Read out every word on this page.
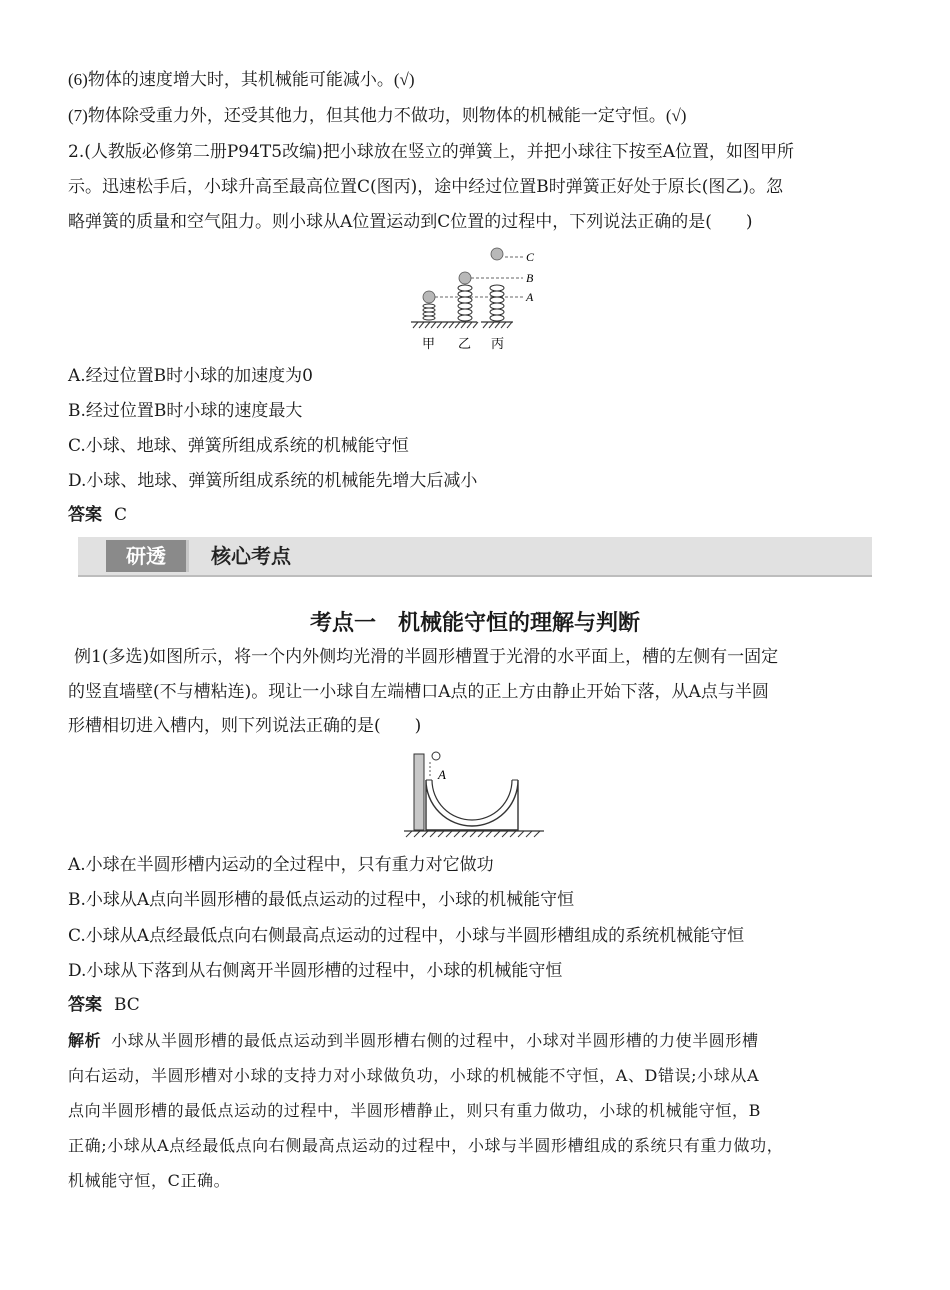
(6)物体的速度增大时，其机械能可能减小。(√)
(7)物体除受重力外，还受其他力，但其他力不做功，则物体的机械能一定守恒。(√)
2.(人教版必修第二册P94T5改编)把小球放在竖立的弹簧上，并把小球往下按至A位置，如图甲所
示。迅速松手后，小球升高至最高位置C(图丙)，途中经过位置B时弹簧正好处于原长(图乙)。忽
略弹簧的质量和空气阻力。则小球从A位置运动到C位置的过程中，下列说法正确的是(　　)
C
B
A
甲 乙 丙
A.经过位置B时小球的加速度为0
B.经过位置B时小球的速度最大
C.小球、地球、弹簧所组成系统的机械能守恒
D.小球、地球、弹簧所组成系统的机械能先增大后减小
答案 C
研透	核心考点
考点一　机械能守恒的理解与判断
例1(多选)如图所示，将一个内外侧均光滑的半圆形槽置于光滑的水平面上，槽的左侧有一固定
的竖直墙壁(不与槽粘连)。现让一小球自左端槽口A点的正上方由静止开始下落，从A点与半圆
形槽相切进入槽内，则下列说法正确的是(　　)
A
A.小球在半圆形槽内运动的全过程中，只有重力对它做功
B.小球从A点向半圆形槽的最低点运动的过程中，小球的机械能守恒
C.小球从A点经最低点向右侧最高点运动的过程中，小球与半圆形槽组成的系统机械能守恒
D.小球从下落到从右侧离开半圆形槽的过程中，小球的机械能守恒
答案 BC
解析 小球从半圆形槽的最低点运动到半圆形槽右侧的过程中，小球对半圆形槽的力使半圆形槽
向右运动，半圆形槽对小球的支持力对小球做负功，小球的机械能不守恒，A、D错误;小球从A
点向半圆形槽的最低点运动的过程中，半圆形槽静止，则只有重力做功，小球的机械能守恒，B
正确;小球从A点经最低点向右侧最高点运动的过程中，小球与半圆形槽组成的系统只有重力做功，
机械能守恒，C正确。
